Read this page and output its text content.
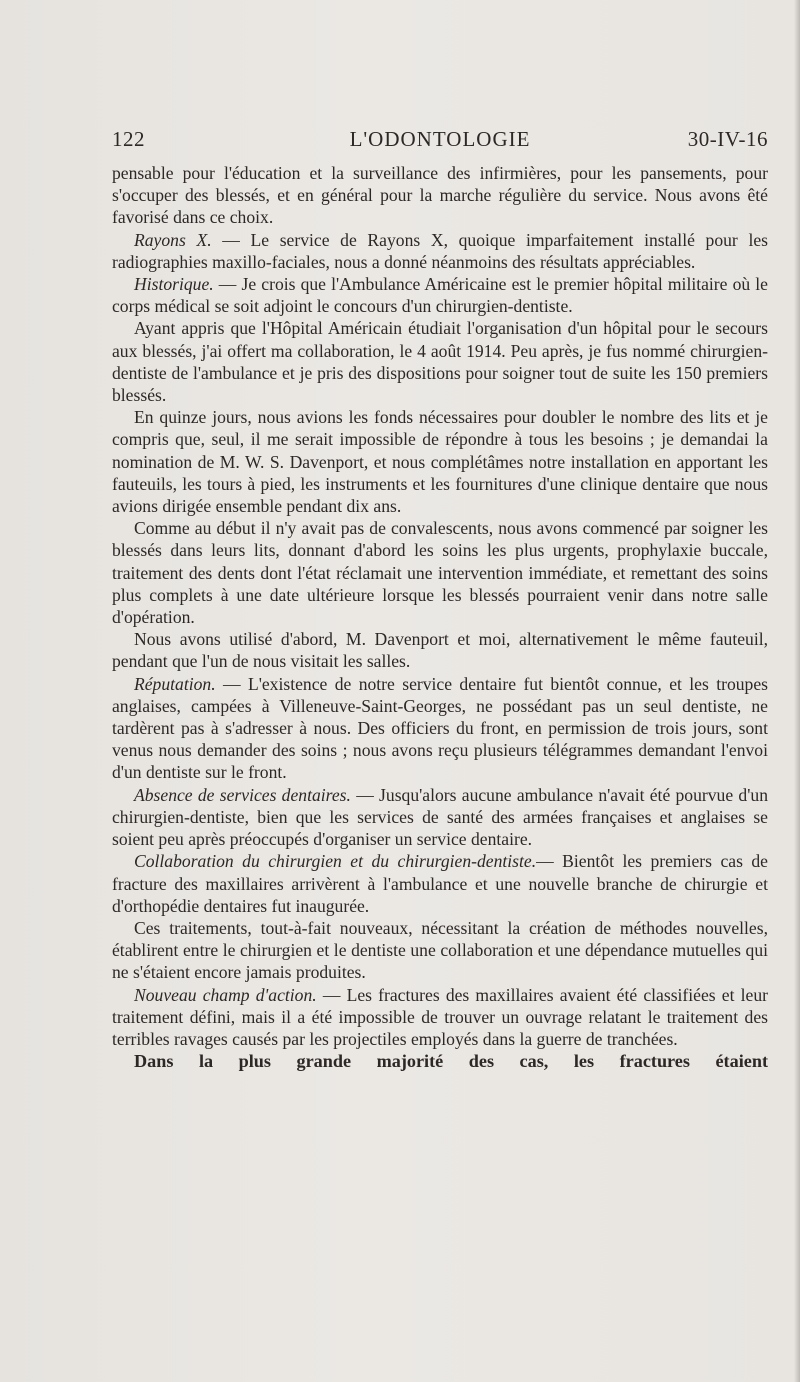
L'ODONTOLOGIE
122	30-IV-16

pensable pour l'éducation et la surveillance des infirmières, pour les pansements, pour s'occuper des blessés, et en général pour la marche régulière du service. Nous avons êté favorisé dans ce choix.

Rayons X. — Le service de Rayons X, quoique imparfaitement installé pour les radiographies maxillo-faciales, nous a donné néanmoins des résultats appréciables.

Historique. — Je crois que l'Ambulance Américaine est le premier hôpital militaire où le corps médical se soit adjoint le concours d'un chirurgien-dentiste.

Ayant appris que l'Hôpital Américain étudiait l'organisation d'un hôpital pour le secours aux blessés, j'ai offert ma collaboration, le 4 août 1914. Peu après, je fus nommé chirurgien-dentiste de l'ambulance et je pris des dispositions pour soigner tout de suite les 150 premiers blessés.

En quinze jours, nous avions les fonds nécessaires pour doubler le nombre des lits et je compris que, seul, il me serait impossible de répondre à tous les besoins ; je demandai la nomination de M. W. S. Davenport, et nous complétâmes notre installation en apportant les fauteuils, les tours à pied, les instruments et les fournitures d'une clinique dentaire que nous avions dirigée ensemble pendant dix ans.

Comme au début il n'y avait pas de convalescents, nous avons commencé par soigner les blessés dans leurs lits, donnant d'abord les soins les plus urgents, prophylaxie buccale, traitement des dents dont l'état réclamait une intervention immédiate, et remettant des soins plus complets à une date ultérieure lorsque les blessés pourraient venir dans notre salle d'opération.

Nous avons utilisé d'abord, M. Davenport et moi, alternativement le même fauteuil, pendant que l'un de nous visitait les salles.

Réputation. — L'existence de notre service dentaire fut bientôt connue, et les troupes anglaises, campées à Villeneuve-Saint-Georges, ne possédant pas un seul dentiste, ne tardèrent pas à s'adresser à nous. Des officiers du front, en permission de trois jours, sont venus nous demander des soins ; nous avons reçu plusieurs télégrammes demandant l'envoi d'un dentiste sur le front.

Absence de services dentaires. — Jusqu'alors aucune ambulance n'avait été pourvue d'un chirurgien-dentiste, bien que les services de santé des armées françaises et anglaises se soient peu après préoccupés d'organiser un service dentaire.

Collaboration du chirurgien et du chirurgien-dentiste.— Bientôt les premiers cas de fracture des maxillaires arrivèrent à l'ambulance et une nouvelle branche de chirurgie et d'orthopédie dentaires fut inaugurée.

Ces traitements, tout-à-fait nouveaux, nécessitant la création de méthodes nouvelles, établirent entre le chirurgien et le dentiste une collaboration et une dépendance mutuelles qui ne s'étaient encore jamais produites.

Nouveau champ d'action. — Les fractures des maxillaires avaient été classifiées et leur traitement défini, mais il a été impossible de trouver un ouvrage relatant le traitement des terribles ravages causés par les projectiles employés dans la guerre de tranchées.

Dans la plus grande majorité des cas, les fractures étaient
